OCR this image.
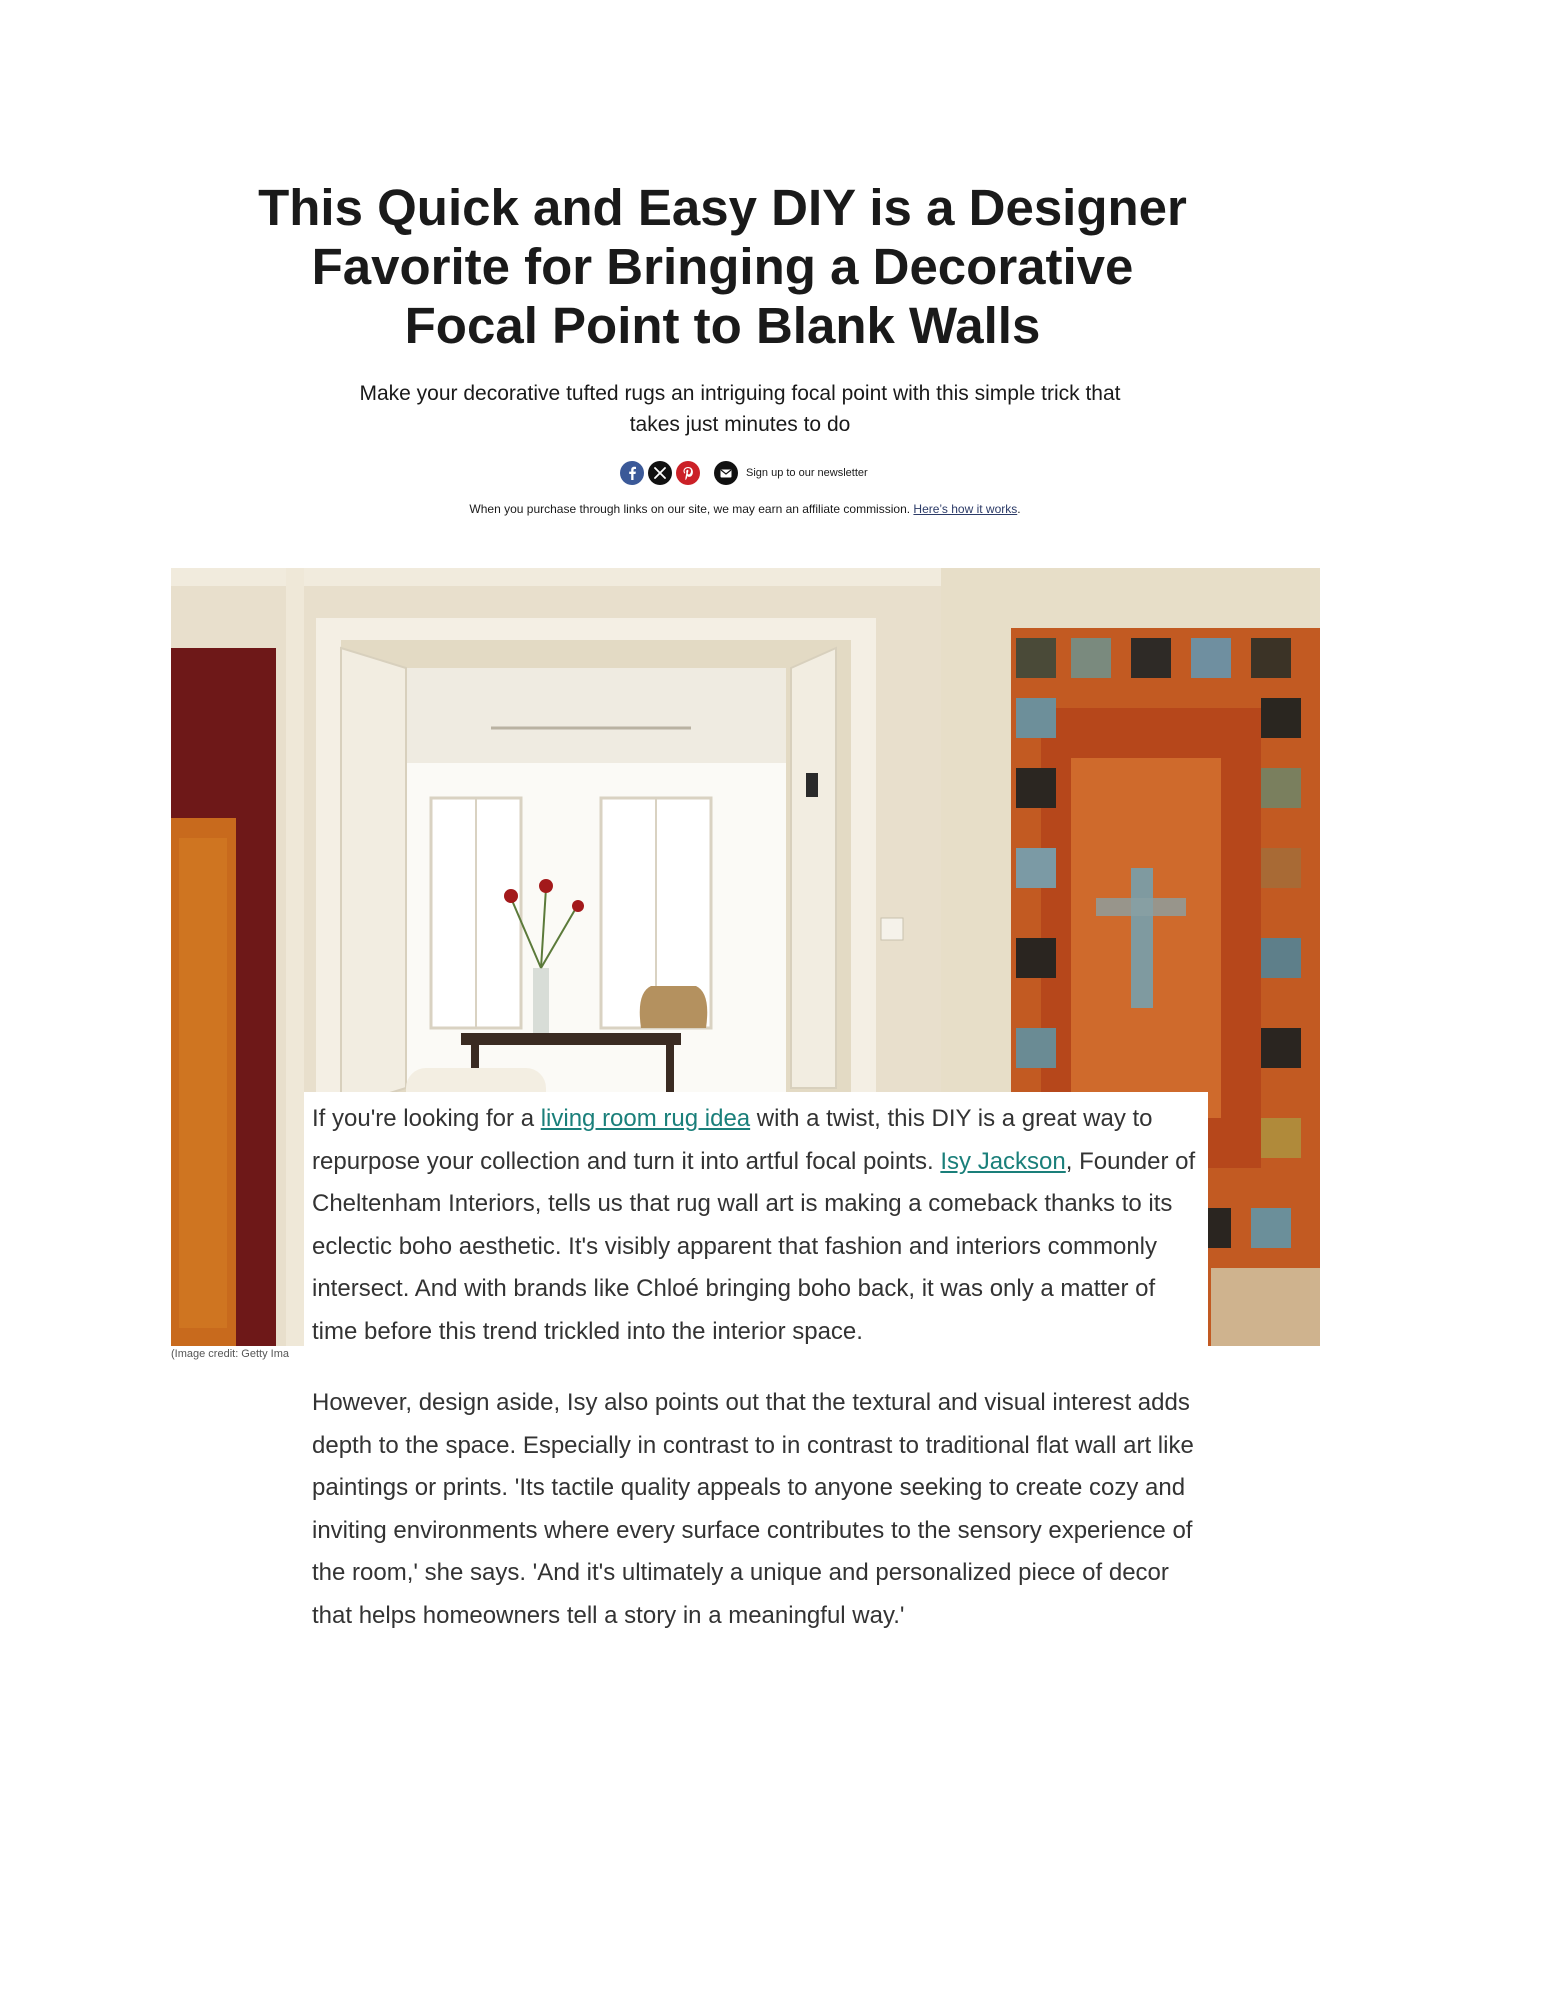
This Quick and Easy DIY is a Designer Favorite for Bringing a Decorative Focal Point to Blank Walls

Make your decorative tufted rugs an intriguing focal point with this simple trick that takes just minutes to do

Sign up to our newsletter
When you purchase through links on our site, we may earn an affiliate commission. Here’s how it works.
(Image credit: Getty Ima

If you're looking for a living room rug idea with a twist, this DIY is a great way to repurpose your collection and turn it into artful focal points. Isy Jackson, Founder of Cheltenham Interiors, tells us that rug wall art is making a comeback thanks to its eclectic boho aesthetic. It's visibly apparent that fashion and interiors commonly intersect. And with brands like Chloé bringing boho back, it was only a matter of time before this trend trickled into the interior space.

However, design aside, Isy also points out that the textural and visual interest adds depth to the space. Especially in contrast to in contrast to traditional flat wall art like paintings or prints. 'Its tactile quality appeals to anyone seeking to create cozy and inviting environments where every surface contributes to the sensory experience of the room,' she says. 'And it's ultimately a unique and personalized piece of decor that helps homeowners tell a story in a meaningful way.'
